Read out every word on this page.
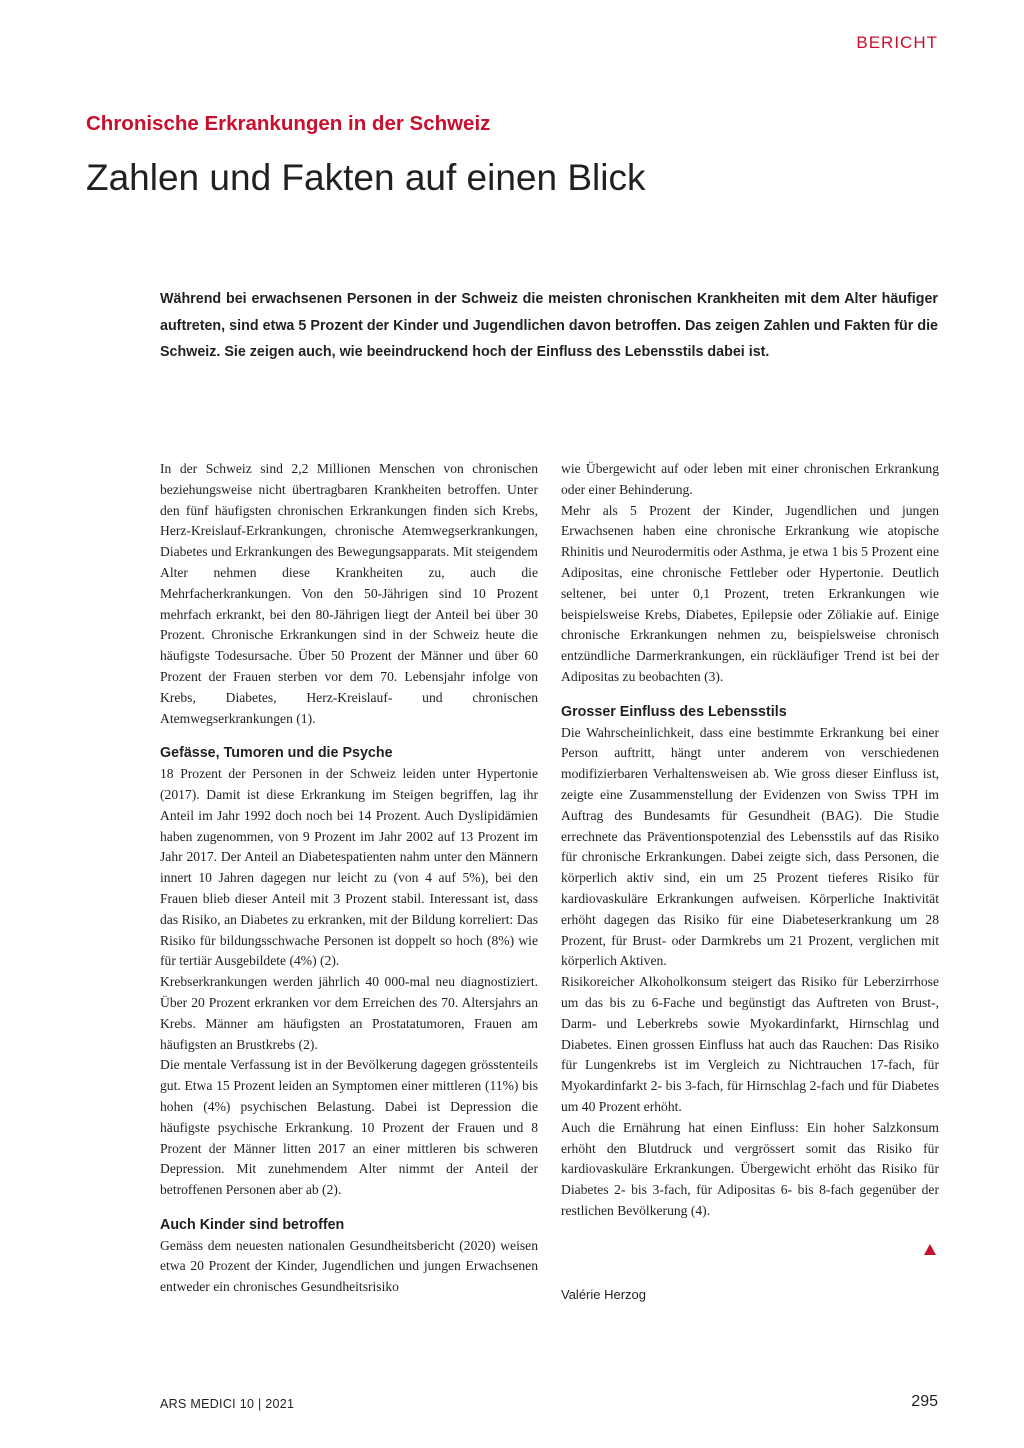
BERICHT
Chronische Erkrankungen in der Schweiz
Zahlen und Fakten auf einen Blick

Während bei erwachsenen Personen in der Schweiz die meisten chronischen Krankheiten mit dem Alter häufiger auftreten, sind etwa 5 Prozent der Kinder und Jugendlichen davon betroffen. Das zeigen Zahlen und Fakten für die Schweiz. Sie zeigen auch, wie beeindruckend hoch der Einfluss des Lebensstils dabei ist.

In der Schweiz sind 2,2 Millionen Menschen von chronischen beziehungsweise nicht übertragbaren Krankheiten betroffen. Unter den fünf häufigsten chronischen Erkrankungen finden sich Krebs, Herz-Kreislauf-Erkrankungen, chronische Atemwegserkrankungen, Diabetes und Erkrankungen des Bewegungsapparats. Mit steigendem Alter nehmen diese Krankheiten zu, auch die Mehrfacherkrankungen. Von den 50-Jährigen sind 10 Prozent mehrfach erkrankt, bei den 80-Jährigen liegt der Anteil bei über 30 Prozent. Chronische Erkrankungen sind in der Schweiz heute die häufigste Todesursache. Über 50 Prozent der Männer und über 60 Prozent der Frauen sterben vor dem 70. Lebensjahr infolge von Krebs, Diabetes, Herz-Kreislauf- und chronischen Atemwegserkrankungen (1).

Gefässe, Tumoren und die Psyche

18 Prozent der Personen in der Schweiz leiden unter Hypertonie (2017). Damit ist diese Erkrankung im Steigen begriffen, lag ihr Anteil im Jahr 1992 doch noch bei 14 Prozent. Auch Dyslipidämien haben zugenommen, von 9 Prozent im Jahr 2002 auf 13 Prozent im Jahr 2017. Der Anteil an Diabetespatienten nahm unter den Männern innert 10 Jahren dagegen nur leicht zu (von 4 auf 5%), bei den Frauen blieb dieser Anteil mit 3 Prozent stabil. Interessant ist, dass das Risiko, an Diabetes zu erkranken, mit der Bildung korreliert: Das Risiko für bildungsschwache Personen ist doppelt so hoch (8%) wie für tertiär Ausgebildete (4%) (2).

Krebserkrankungen werden jährlich 40 000-mal neu diagnostiziert. Über 20 Prozent erkranken vor dem Erreichen des 70. Altersjahrs an Krebs. Männer am häufigsten an Prostatatumoren, Frauen am häufigsten an Brustkrebs (2).

Die mentale Verfassung ist in der Bevölkerung dagegen grösstenteils gut. Etwa 15 Prozent leiden an Symptomen einer mittleren (11%) bis hohen (4%) psychischen Belastung. Dabei ist Depression die häufigste psychische Erkrankung. 10 Prozent der Frauen und 8 Prozent der Männer litten 2017 an einer mittleren bis schweren Depression. Mit zunehmendem Alter nimmt der Anteil der betroffenen Personen aber ab (2).

Auch Kinder sind betroffen

Gemäss dem neuesten nationalen Gesundheitsbericht (2020) weisen etwa 20 Prozent der Kinder, Jugendlichen und jungen Erwachsenen entweder ein chronisches Gesundheitsrisiko

wie Übergewicht auf oder leben mit einer chronischen Erkrankung oder einer Behinderung.

Mehr als 5 Prozent der Kinder, Jugendlichen und jungen Erwachsenen haben eine chronische Erkrankung wie atopische Rhinitis und Neurodermitis oder Asthma, je etwa 1 bis 5 Prozent eine Adipositas, eine chronische Fettleber oder Hypertonie. Deutlich seltener, bei unter 0,1 Prozent, treten Erkrankungen wie beispielsweise Krebs, Diabetes, Epilepsie oder Zöliakie auf. Einige chronische Erkrankungen nehmen zu, beispielsweise chronisch entzündliche Darmerkrankungen, ein rückläufiger Trend ist bei der Adipositas zu beobachten (3).

Grosser Einfluss des Lebensstils

Die Wahrscheinlichkeit, dass eine bestimmte Erkrankung bei einer Person auftritt, hängt unter anderem von verschiedenen modifizierbaren Verhaltensweisen ab. Wie gross dieser Einfluss ist, zeigte eine Zusammenstellung der Evidenzen von Swiss TPH im Auftrag des Bundesamts für Gesundheit (BAG). Die Studie errechnete das Präventionspotenzial des Lebensstils auf das Risiko für chronische Erkrankungen. Dabei zeigte sich, dass Personen, die körperlich aktiv sind, ein um 25 Prozent tieferes Risiko für kardiovaskuläre Erkrankungen aufweisen. Körperliche Inaktivität erhöht dagegen das Risiko für eine Diabeteserkrankung um 28 Prozent, für Brust- oder Darmkrebs um 21 Prozent, verglichen mit körperlich Aktiven.

Risikoreicher Alkoholkonsum steigert das Risiko für Leberzirrhose um das bis zu 6-Fache und begünstigt das Auftreten von Brust-, Darm- und Leberkrebs sowie Myokardinfarkt, Hirnschlag und Diabetes. Einen grossen Einfluss hat auch das Rauchen: Das Risiko für Lungenkrebs ist im Vergleich zu Nichtrauchen 17-fach, für Myokardinfarkt 2- bis 3-fach, für Hirnschlag 2-fach und für Diabetes um 40 Prozent erhöht.

Auch die Ernährung hat einen Einfluss: Ein hoher Salzkonsum erhöht den Blutdruck und vergrössert somit das Risiko für kardiovaskuläre Erkrankungen. Übergewicht erhöht das Risiko für Diabetes 2- bis 3-fach, für Adipositas 6- bis 8-fach gegenüber der restlichen Bevölkerung (4).

Valérie Herzog
ARS MEDICI 10 | 2021	295
